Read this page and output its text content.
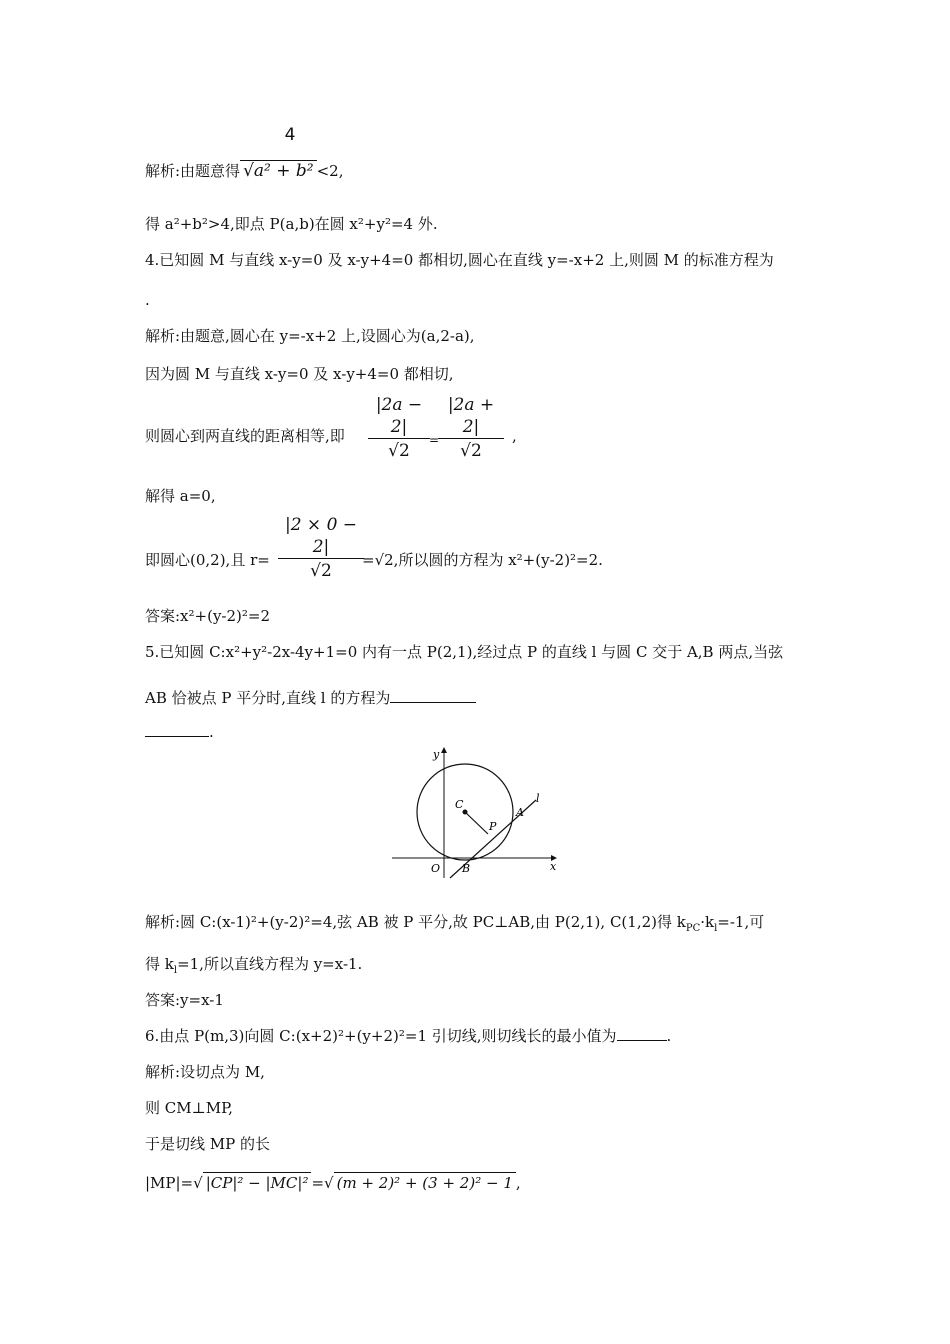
4
解析:由题意得 √a² + b² <2,
得 a²+b²>4,即点 P(a,b)在圆 x²+y²=4 外.
4.已知圆 M 与直线 x-y=0 及 x-y+4=0 都相切,圆心在直线 y=-x+2 上,则圆 M 的标准方程为
.
解析:由题意,圆心在 y=-x+2 上,设圆心为(a,2-a),
因为圆 M 与直线 x-y=0 及 x-y+4=0 都相切,
则圆心到两直线的距离相等,即
|2a − 2|
√2
=
|2a + 2|
√2
,
解得 a=0,
即圆心(0,2),且 r=
|2 × 0 − 2|
√2
=√2,所以圆的方程为 x²+(y-2)²=2.
答案:x²+(y-2)²=2
5.已知圆 C:x²+y²-2x-4y+1=0 内有一点 P(2,1),经过点 P 的直线 l 与圆 C 交于 A,B 两点,当弦
AB 恰被点 P 平分时,直线 l 的方程为
.
y
x
O
C
P
A
B
l
解析:圆 C:(x-1)²+(y-2)²=4,弦 AB 被 P 平分,故 PC⊥AB,由 P(2,1), C(1,2)得 $k_{PC}\cdot k_l=-1$,可
得 $k_l=1$,所以直线方程为 y=x-1.
答案:y=x-1
6.由点 P(m,3)向圆 C:(x+2)²+(y+2)²=1 引切线,则切线长的最小值为	.
解析:设切点为 M,
则 CM⊥MP,
于是切线 MP 的长
|MP|=√ |CP|² − |MC|² =√ (m + 2)² + (3 + 2)² − 1 ,
